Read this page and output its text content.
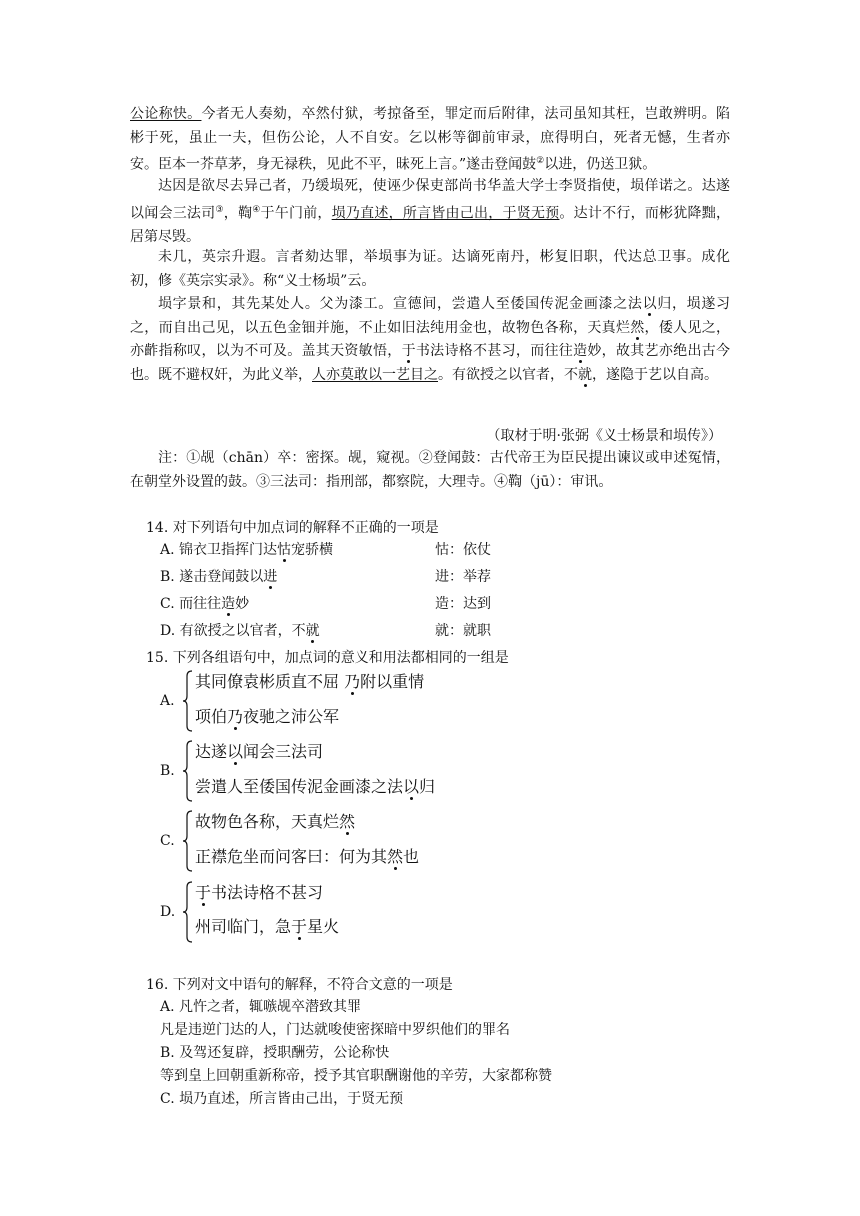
公论称快。今者无人奏劾，卒然付狱，考掠备至，罪定而后附律，法司虽知其枉，岂敢辨明。陷彬于死，虽止一夫，但伤公论，人不自安。乞以彬等御前审录，庶得明白，死者无憾，生者亦安。臣本一芥草茅，身无禄秩，见此不平，昧死上言。”遂击登闻鼓②以进，仍送卫狱。

达因是欲尽去异己者，乃缓埙死，使诬少保吏部尚书华盖大学士李贤指使，埙佯诺之。达遂以闻会三法司③，鞫④于午门前，埙乃直述，所言皆由己出，于贤无预。达计不行，而彬犹降黜，居第尽毁。

未几，英宗升遐。言者劾达罪，举埙事为证。达谪死南丹，彬复旧职，代达总卫事。成化初，修《英宗实录》。称“义士杨埙”云。

埙字景和，其先某处人。父为漆工。宣德间，尝遣人至倭国传泥金画漆之法以归，埙遂习之，而自出己见，以五色金钿并施，不止如旧法纯用金也，故物色各称，天真烂然，倭人见之，亦齚指称叹，以为不可及。盖其天资敏悟，于书法诗格不甚习，而往往造妙，故其艺亦绝出古今也。既不避权奸，为此义举，人亦莫敢以一艺目之。有欲授之以官者，不就，遂隐于艺以自高。

（取材于明·张弼《义士杨景和埙传》）

注：①觇（chān）卒：密探。觇，窥视。②登闻鼓：古代帝王为臣民提出谏议或申述冤情，在朝堂外设置的鼓。③三法司：指刑部，都察院，大理寺。④鞫（jū）：审讯。

14. 对下列语句中加点词的解释不正确的一项是
A. 锦衣卫指挥门达怙宠骄横	怙：依仗
B. 遂击登闻鼓以进	进：举荐
C. 而往往造妙	造：达到
D. 有欲授之以官者，不就	就：就职
15. 下列各组语句中，加点词的意义和用法都相同的一组是
A.
其同僚袁彬质直不屈 乃附以重情
项伯乃夜驰之沛公军
B.
达遂以闻会三法司
尝遣人至倭国传泥金画漆之法以归
C.
故物色各称，天真烂然
正襟危坐而问客曰：何为其然也
D.
于书法诗格不甚习
州司临门，急于星火
16. 下列对文中语句的解释，不符合文意的一项是
A. 凡忤之者，辄嗾觇卒潜致其罪
凡是违逆门达的人，门达就唆使密探暗中罗织他们的罪名
B. 及驾还复辟，授职酬劳，公论称快
等到皇上回朝重新称帝，授予其官职酬谢他的辛劳，大家都称赞
C. 埙乃直述，所言皆由己出，于贤无预
